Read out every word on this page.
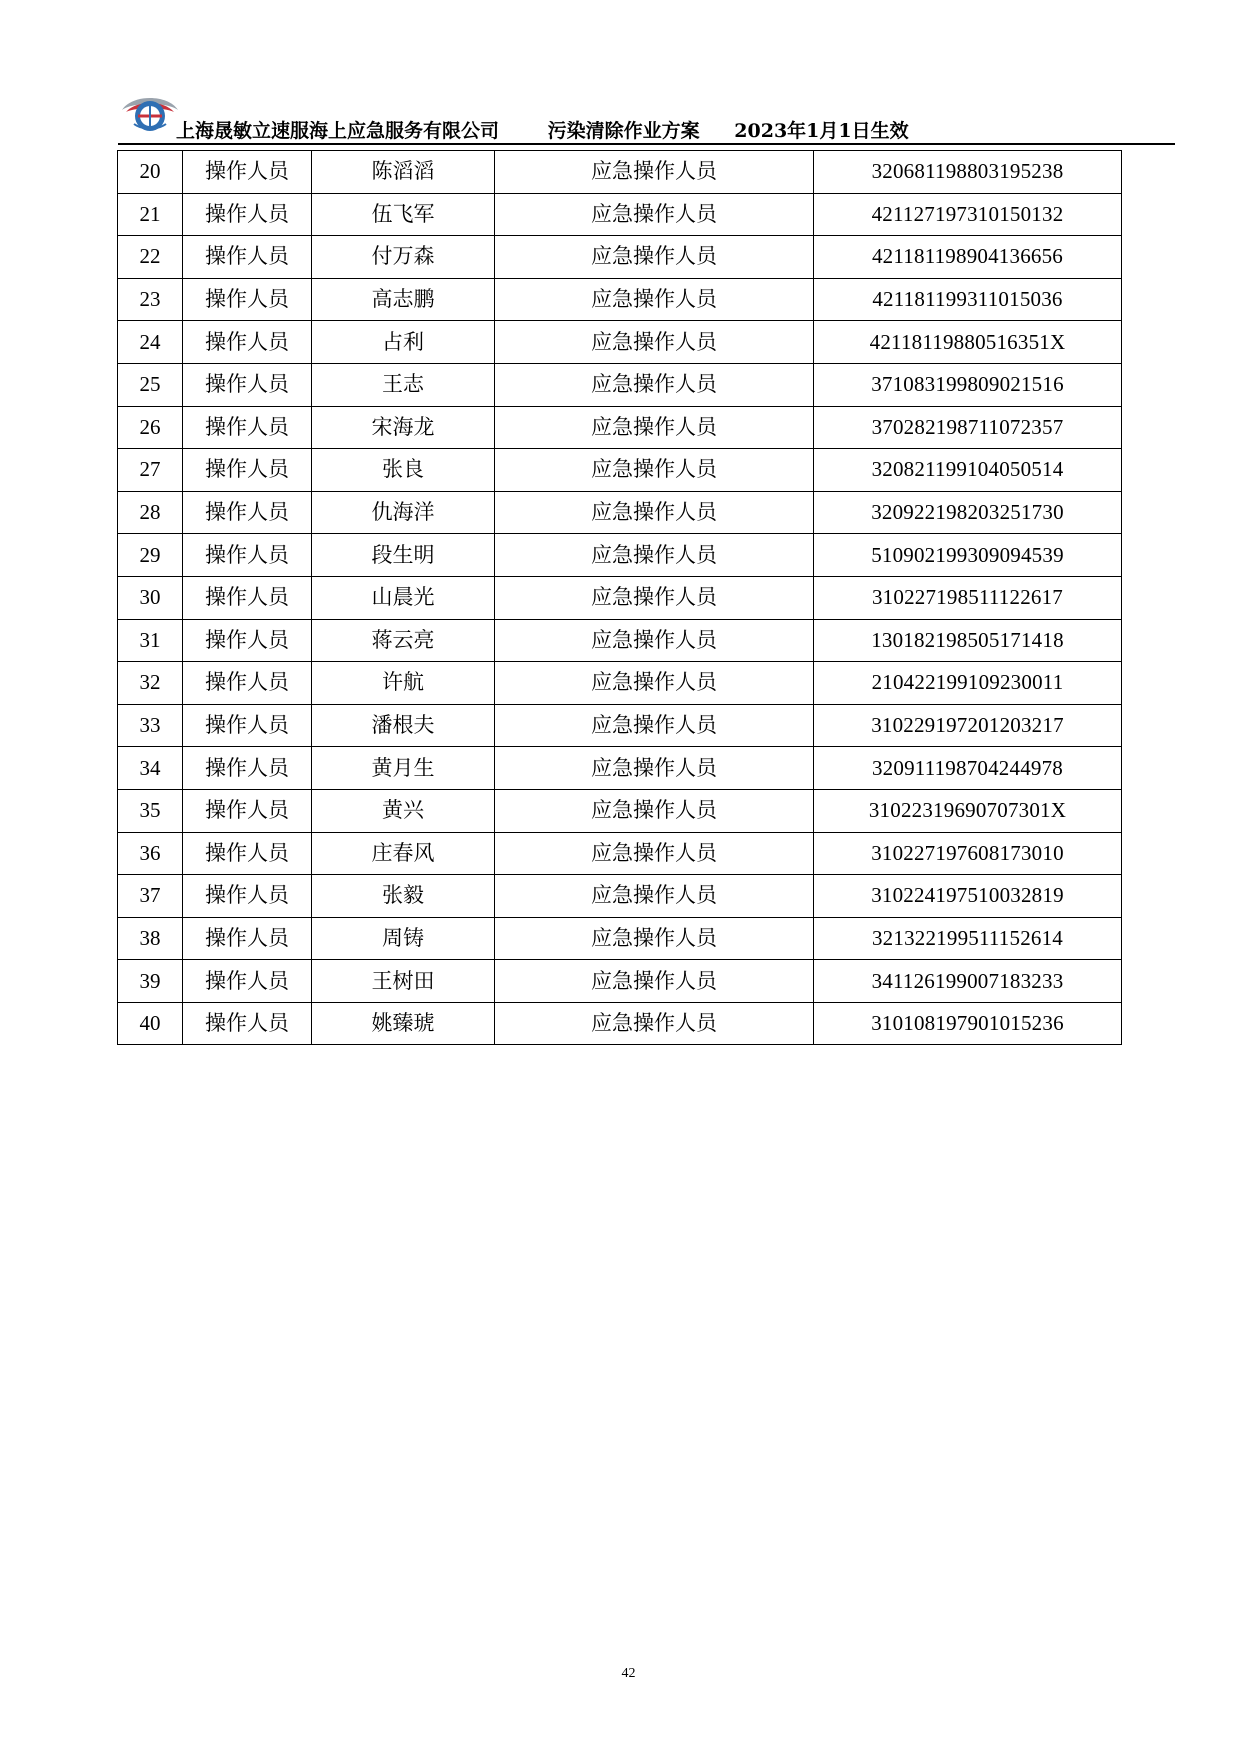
上海晟敏立速服海上应急服务有限公司	污染清除作业方案 2023年1月1日生效
20	操作人员	陈滔滔	应急操作人员	320681198803195238
21	操作人员	伍飞军	应急操作人员	421127197310150132
22	操作人员	付万森	应急操作人员	421181198904136656
23	操作人员	高志鹏	应急操作人员	421181199311015036
24	操作人员	占利	应急操作人员	42118119880516351X
25	操作人员	王志	应急操作人员	371083199809021516
26	操作人员	宋海龙	应急操作人员	370282198711072357
27	操作人员	张良	应急操作人员	320821199104050514
28	操作人员	仇海洋	应急操作人员	320922198203251730
29	操作人员	段生明	应急操作人员	510902199309094539
30	操作人员	山晨光	应急操作人员	310227198511122617
31	操作人员	蒋云亮	应急操作人员	130182198505171418
32	操作人员	许航	应急操作人员	210422199109230011
33	操作人员	潘根夫	应急操作人员	310229197201203217
34	操作人员	黄月生	应急操作人员	320911198704244978
35	操作人员	黄兴	应急操作人员	31022319690707301X
36	操作人员	庄春风	应急操作人员	310227197608173010
37	操作人员	张毅	应急操作人员	310224197510032819
38	操作人员	周铸	应急操作人员	321322199511152614
39	操作人员	王树田	应急操作人员	341126199007183233
40	操作人员	姚臻琥	应急操作人员	310108197901015236
42
